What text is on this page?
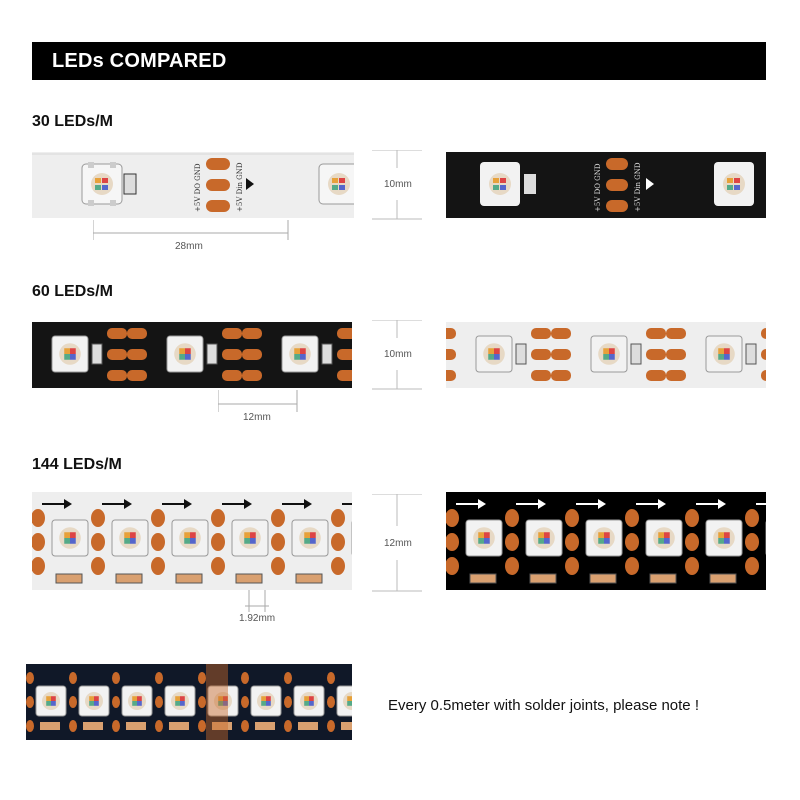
LEDs COMPARED
30 LEDs/M
+5V DO GND	+5V Din GND
28mm
10mm	+5V DO GND	+5V Din GND
60 LEDs/M
12mm
10mm
144 LEDs/M
1.92mm
12mm
Every 0.5meter with solder joints, please note !
